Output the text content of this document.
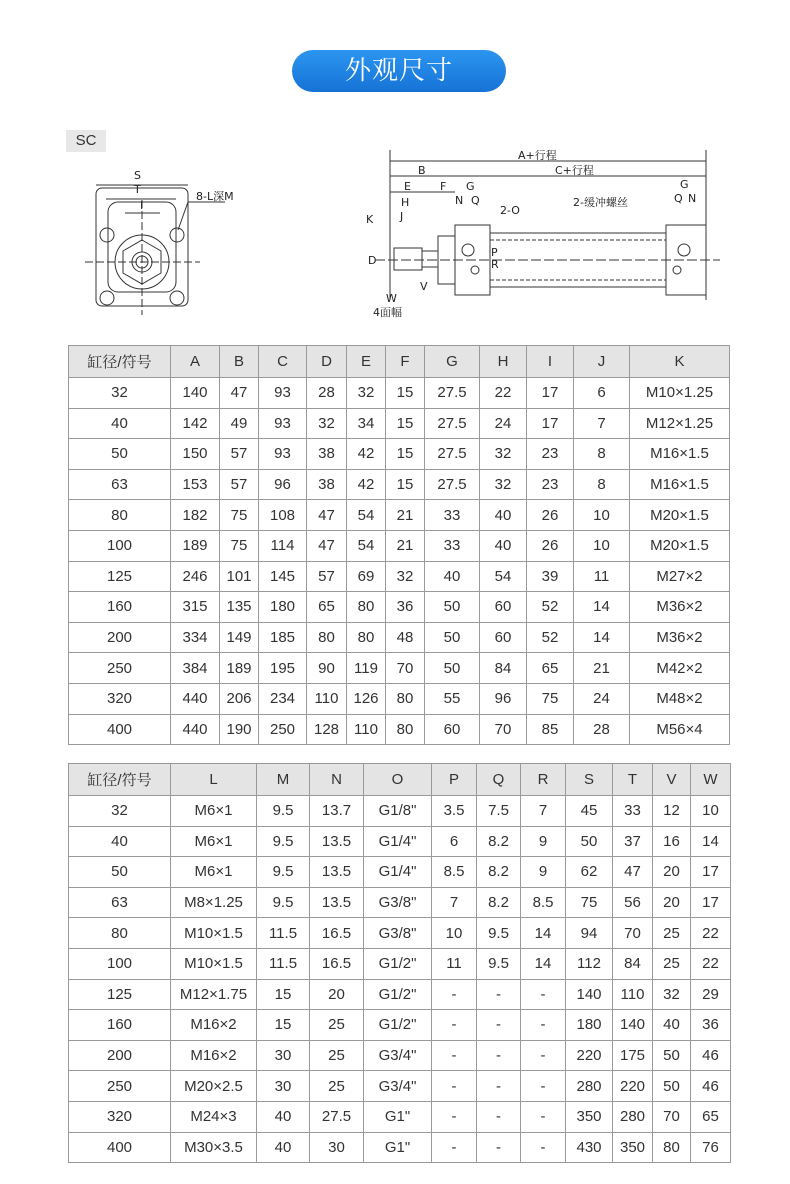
外观尺寸
SC
S
T
I
8-L深M
A+行程
B	C+行程
E	F G
H
J
K
N Q
2-O
2-缓冲螺丝
D
V
W
4面幅
R
P
G
Q N
缸径/符号	A	B	C	D	E	F	G	H	I	J	K
32	140	47	93	28	32	15	27.5	22	17	6	M10×1.25
40	142	49	93	32	34	15	27.5	24	17	7	M12×1.25
50	150	57	93	38	42	15	27.5	32	23	8	M16×1.5
63	153	57	96	38	42	15	27.5	32	23	8	M16×1.5
80	182	75	108	47	54	21	33	40	26	10	M20×1.5
100	189	75	114	47	54	21	33	40	26	10	M20×1.5
125	246	101	145	57	69	32	40	54	39	11	M27×2
160	315	135	180	65	80	36	50	60	52	14	M36×2
200	334	149	185	80	80	48	50	60	52	14	M36×2
250	384	189	195	90	119	70	50	84	65	21	M42×2
320	440	206	234	110	126	80	55	96	75	24	M48×2
400	440	190	250	128	110	80	60	70	85	28	M56×4
缸径/符号	L	M	N	O	P	Q	R	S	T	V	W
32	M6×1	9.5	13.7	G1/8"	3.5	7.5	7	45	33	12	10
40	M6×1	9.5	13.5	G1/4"	6	8.2	9	50	37	16	14
50	M6×1	9.5	13.5	G1/4"	8.5	8.2	9	62	47	20	17
63	M8×1.25	9.5	13.5	G3/8"	7	8.2	8.5	75	56	20	17
80	M10×1.5	11.5	16.5	G3/8"	10	9.5	14	94	70	25	22
100	M10×1.5	11.5	16.5	G1/2"	11	9.5	14	112	84	25	22
125	M12×1.75	15	20	G1/2"	-	-	-	140	110	32	29
160	M16×2	15	25	G1/2"	-	-	-	180	140	40	36
200	M16×2	30	25	G3/4"	-	-	-	220	175	50	46
250	M20×2.5	30	25	G3/4"	-	-	-	280	220	50	46
320	M24×3	40	27.5	G1"	-	-	-	350	280	70	65
400	M30×3.5	40	30	G1"	-	-	-	430	350	80	76
